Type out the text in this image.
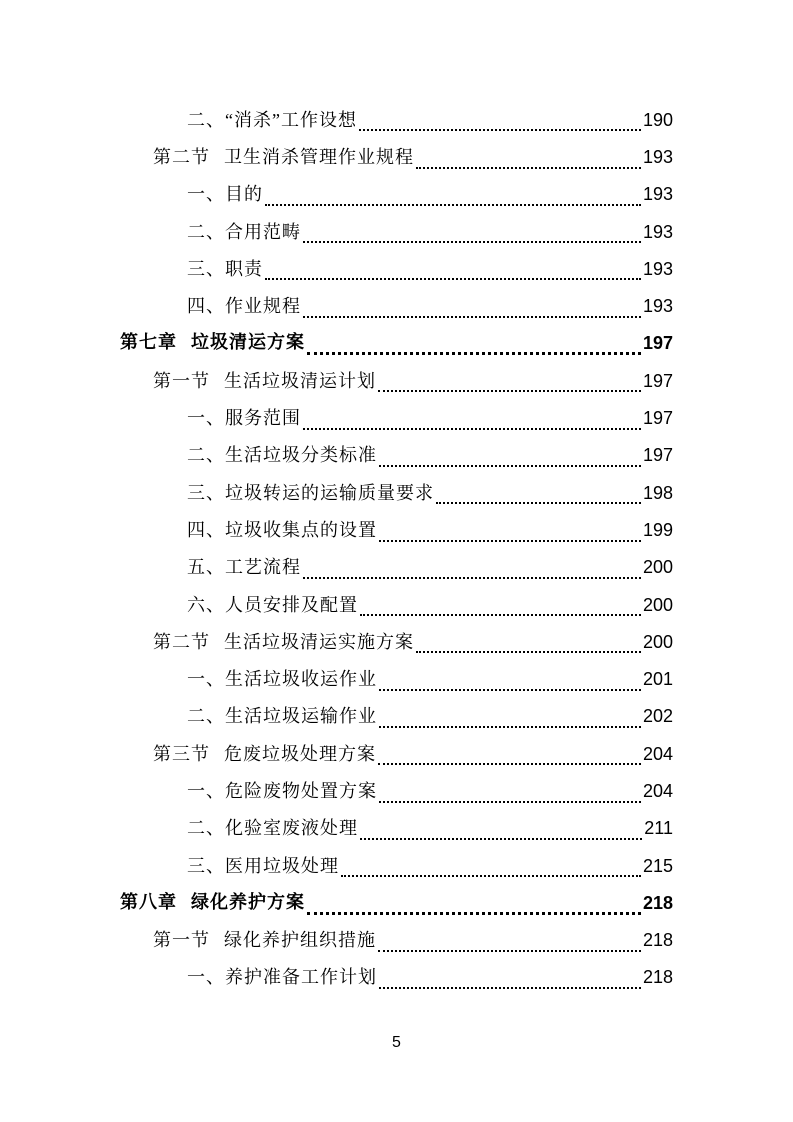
二、“消杀”工作设想	190
第二节 卫生消杀管理作业规程	193
一、目的	193
二、合用范畴	193
三、职责	193
四、作业规程	193
第七章 垃圾清运方案	197
第一节 生活垃圾清运计划	197
一、服务范围	197
二、生活垃圾分类标准	197
三、垃圾转运的运输质量要求	198
四、垃圾收集点的设置	199
五、工艺流程	200
六、人员安排及配置	200
第二节 生活垃圾清运实施方案	200
一、生活垃圾收运作业	201
二、生活垃圾运输作业	202
第三节 危废垃圾处理方案	204
一、危险废物处置方案	204
二、化验室废液处理	211
三、医用垃圾处理	215
第八章 绿化养护方案	218
第一节 绿化养护组织措施	218
一、养护准备工作计划	218
5
